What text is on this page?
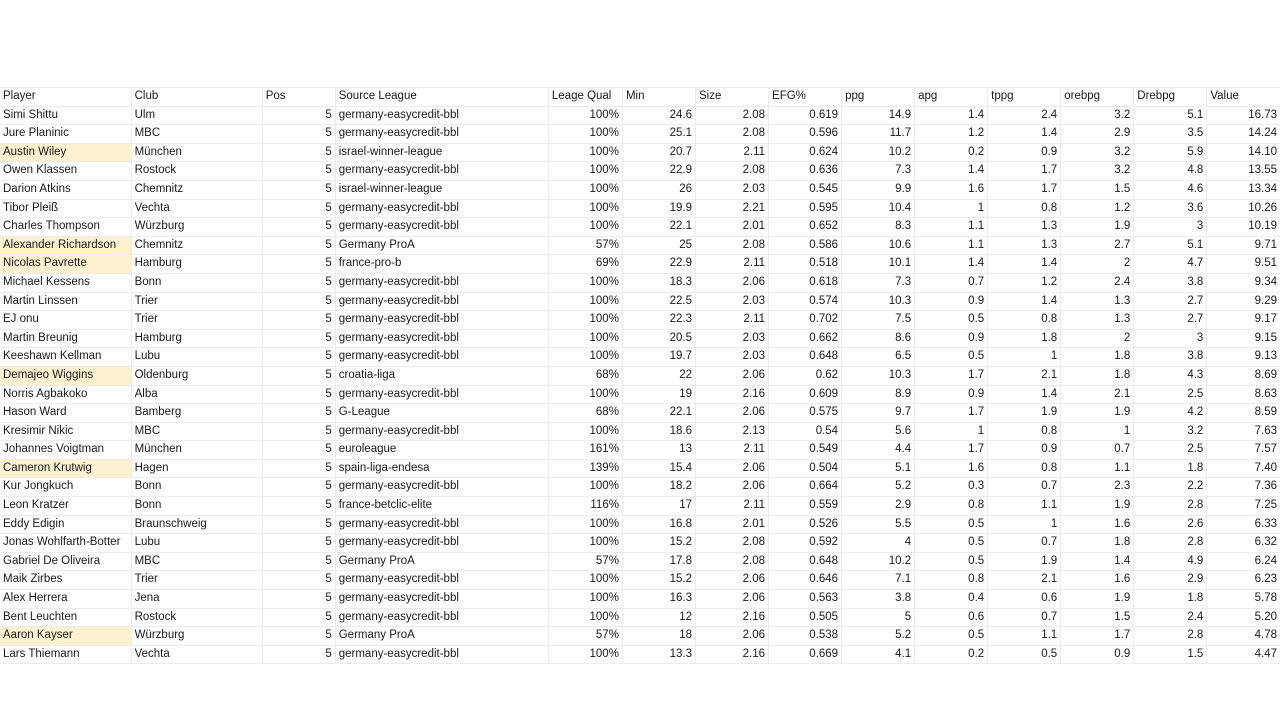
Player	Club	Pos	Source League	Leage Qual	Min	Size	EFG%	ppg	apg	tppg	orebpg	Drebpg	Value
Simi Shittu	Ulm	5	germany-easycredit-bbl	100%	24.6	2.08	0.619	14.9	1.4	2.4	3.2	5.1	16.73
Jure Planinic	MBC	5	germany-easycredit-bbl	100%	25.1	2.08	0.596	11.7	1.2	1.4	2.9	3.5	14.24
Austin Wiley	München	5	israel-winner-league	100%	20.7	2.11	0.624	10.2	0.2	0.9	3.2	5.9	14.10
Owen Klassen	Rostock	5	germany-easycredit-bbl	100%	22.9	2.08	0.636	7.3	1.4	1.7	3.2	4.8	13.55
Darion Atkins	Chemnitz	5	israel-winner-league	100%	26	2.03	0.545	9.9	1.6	1.7	1.5	4.6	13.34
Tibor Pleiß	Vechta	5	germany-easycredit-bbl	100%	19.9	2.21	0.595	10.4	1	0.8	1.2	3.6	10.26
Charles Thompson	Würzburg	5	germany-easycredit-bbl	100%	22.1	2.01	0.652	8.3	1.1	1.3	1.9	3	10.19
Alexander Richardson	Chemnitz	5	Germany ProA	57%	25	2.08	0.586	10.6	1.1	1.3	2.7	5.1	9.71
Nicolas Pavrette	Hamburg	5	france-pro-b	69%	22.9	2.11	0.518	10.1	1.4	1.4	2	4.7	9.51
Michael Kessens	Bonn	5	germany-easycredit-bbl	100%	18.3	2.06	0.618	7.3	0.7	1.2	2.4	3.8	9.34
Martin Linssen	Trier	5	germany-easycredit-bbl	100%	22.5	2.03	0.574	10.3	0.9	1.4	1.3	2.7	9.29
EJ onu	Trier	5	germany-easycredit-bbl	100%	22.3	2.11	0.702	7.5	0.5	0.8	1.3	2.7	9.17
Martin Breunig	Hamburg	5	germany-easycredit-bbl	100%	20.5	2.03	0.662	8.6	0.9	1.8	2	3	9.15
Keeshawn Kellman	Lubu	5	germany-easycredit-bbl	100%	19.7	2.03	0.648	6.5	0.5	1	1.8	3.8	9.13
Demajeo Wiggins	Oldenburg	5	croatia-liga	68%	22	2.06	0.62	10.3	1.7	2.1	1.8	4.3	8.69
Norris Agbakoko	Alba	5	germany-easycredit-bbl	100%	19	2.16	0.609	8.9	0.9	1.4	2.1	2.5	8.63
Hason Ward	Bamberg	5	G-League	68%	22.1	2.06	0.575	9.7	1.7	1.9	1.9	4.2	8.59
Kresimir Nikic	MBC	5	germany-easycredit-bbl	100%	18.6	2.13	0.54	5.6	1	0.8	1	3.2	7.63
Johannes Voigtman	München	5	euroleague	161%	13	2.11	0.549	4.4	1.7	0.9	0.7	2.5	7.57
Cameron Krutwig	Hagen	5	spain-liga-endesa	139%	15.4	2.06	0.504	5.1	1.6	0.8	1.1	1.8	7.40
Kur Jongkuch	Bonn	5	germany-easycredit-bbl	100%	18.2	2.06	0.664	5.2	0.3	0.7	2.3	2.2	7.36
Leon Kratzer	Bonn	5	france-betclic-elite	116%	17	2.11	0.559	2.9	0.8	1.1	1.9	2.8	7.25
Eddy Edigin	Braunschweig	5	germany-easycredit-bbl	100%	16.8	2.01	0.526	5.5	0.5	1	1.6	2.6	6.33
Jonas Wohlfarth-Botter	Lubu	5	germany-easycredit-bbl	100%	15.2	2.08	0.592	4	0.5	0.7	1.8	2.8	6.32
Gabriel De Oliveira	MBC	5	Germany ProA	57%	17.8	2.08	0.648	10.2	0.5	1.9	1.4	4.9	6.24
Maik Zirbes	Trier	5	germany-easycredit-bbl	100%	15.2	2.06	0.646	7.1	0.8	2.1	1.6	2.9	6.23
Alex Herrera	Jena	5	germany-easycredit-bbl	100%	16.3	2.06	0.563	3.8	0.4	0.6	1.9	1.8	5.78
Bent Leuchten	Rostock	5	germany-easycredit-bbl	100%	12	2.16	0.505	5	0.6	0.7	1.5	2.4	5.20
Aaron Kayser	Würzburg	5	Germany ProA	57%	18	2.06	0.538	5.2	0.5	1.1	1.7	2.8	4.78
Lars Thiemann	Vechta	5	germany-easycredit-bbl	100%	13.3	2.16	0.669	4.1	0.2	0.5	0.9	1.5	4.47
